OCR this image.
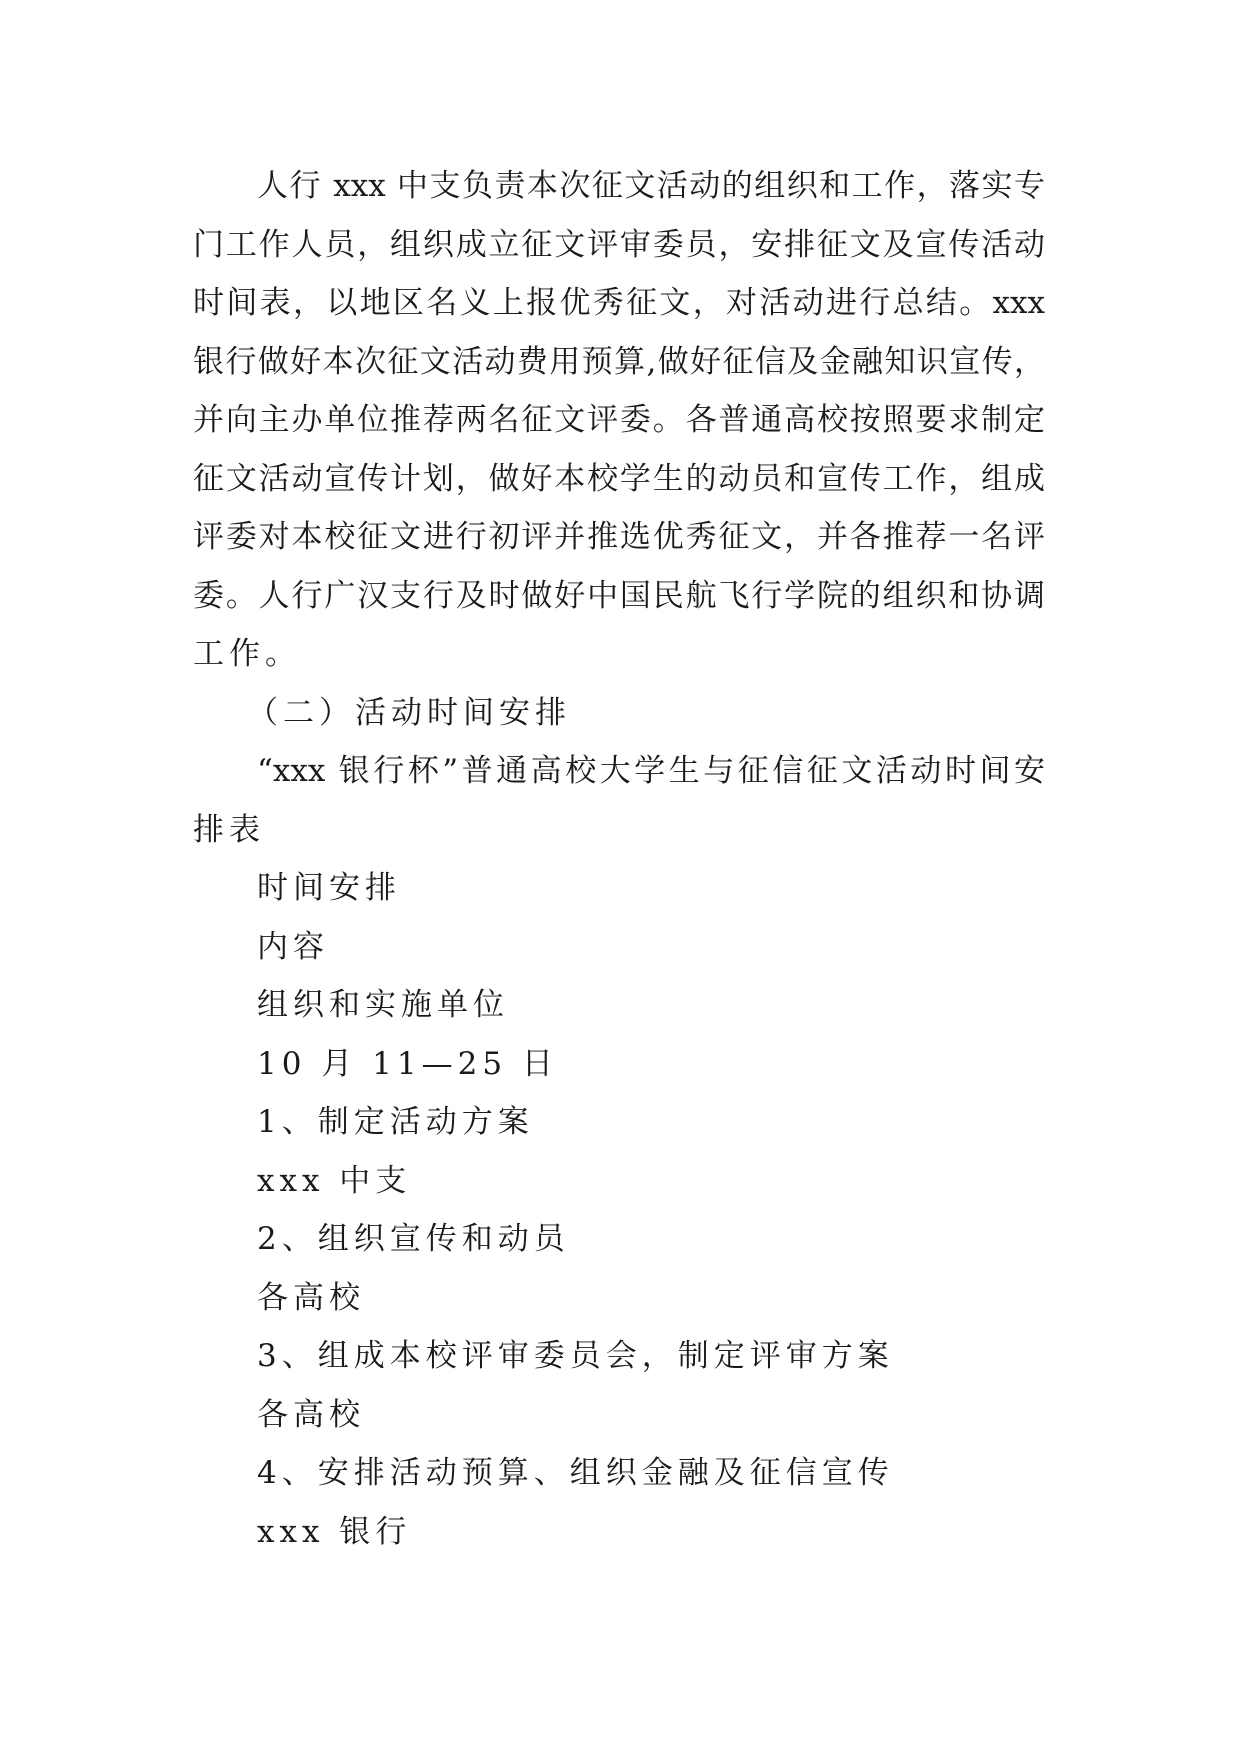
人行 xxx 中支负责本次征文活动的组织和工作，落实专
门工作人员，组织成立征文评审委员，安排征文及宣传活动
时间表，以地区名义上报优秀征文，对活动进行总结。xxx
银行做好本次征文活动费用预算,做好征信及金融知识宣传，
并向主办单位推荐两名征文评委。各普通高校按照要求制定
征文活动宣传计划，做好本校学生的动员和宣传工作，组成
评委对本校征文进行初评并推选优秀征文，并各推荐一名评
委。人行广汉支行及时做好中国民航飞行学院的组织和协调
工作。
（二）活动时间安排
“xxx 银行杯”普通高校大学生与征信征文活动时间安
排表
时间安排
内容
组织和实施单位
10 月 11—25 日
1、制定活动方案
xxx 中支
2、组织宣传和动员
各高校
3、组成本校评审委员会，制定评审方案
各高校
4、安排活动预算、组织金融及征信宣传
xxx 银行
